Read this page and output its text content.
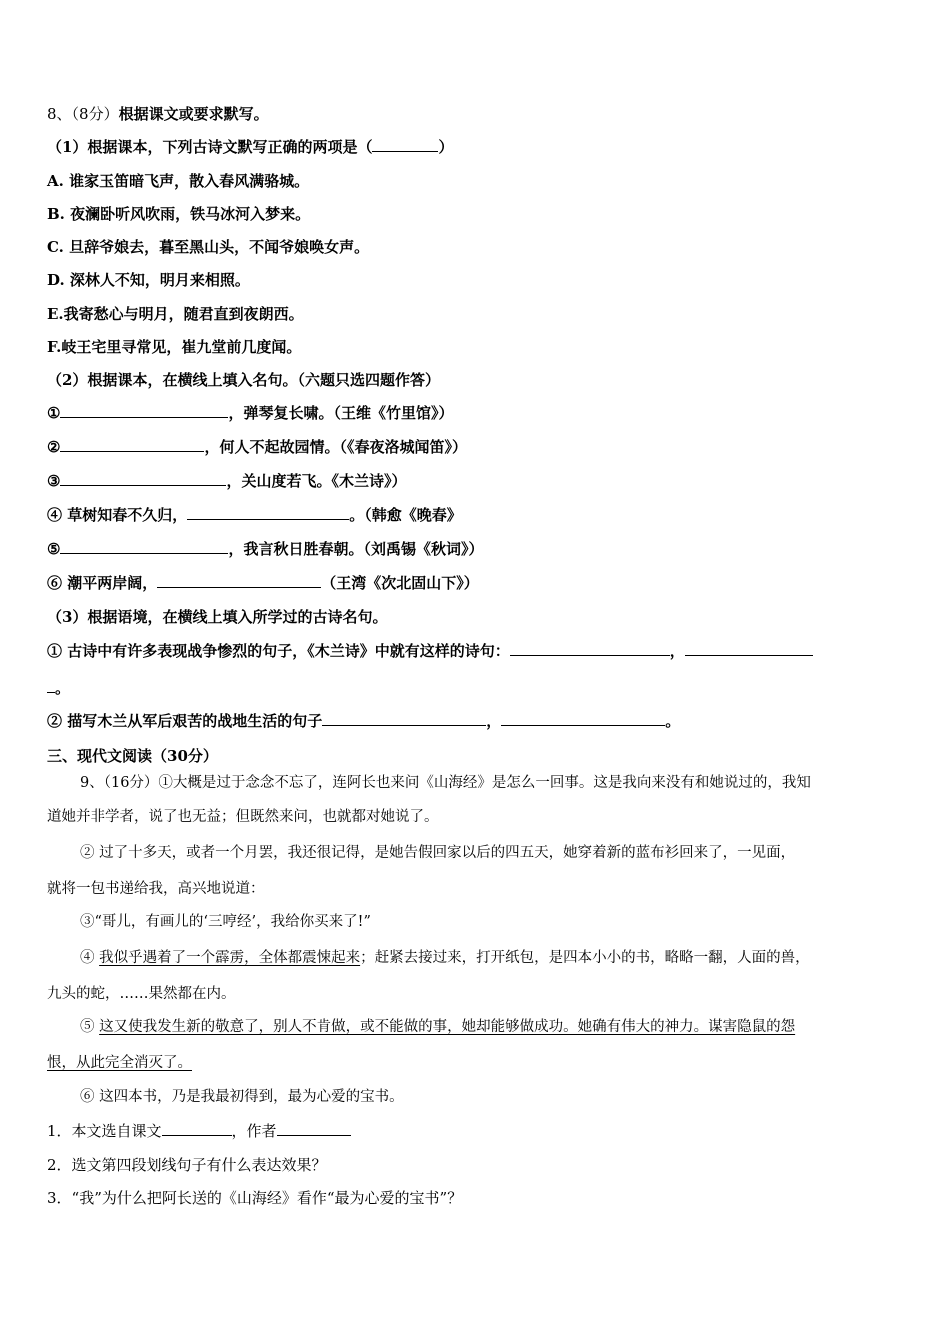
8、（8分）根据课文或要求默写。
（1）根据课本，下列古诗文默写正确的两项是（	）
A. 谁家玉笛暗飞声，散入春风满骆城。
B. 夜澜卧听风吹雨，铁马冰河入梦来。
C. 旦辞爷娘去，暮至黑山头，不闻爷娘唤女声。
D. 深林人不知，明月来相照。
E.我寄愁心与明月，随君直到夜朗西。
F.岐王宅里寻常见，崔九堂前几度闻。
（2）根据课本，在横线上填入名句。（六题只选四题作答）
①	，弹琴复长啸。（王维《竹里馆》）
②	，何人不起故园情。（《春夜洛城闻笛》）
③	，关山度若飞。《木兰诗》）
④ 草树知春不久归，	。（韩愈《晚春》
⑤	，我言秋日胜春朝。（刘禹锡《秋词》）
⑥ 潮平两岸阔，	（王湾《次北固山下》）
（3）根据语境，在横线上填入所学过的古诗名句。
① 古诗中有许多表现战争惨烈的句子，《木兰诗》中就有这样的诗句：	，
。
② 描写木兰从军后艰苦的战地生活的句子	，	。
三、现代文阅读（30分）
9、（16分）①大概是过于念念不忘了，连阿长也来问《山海经》是怎么一回事。这是我向来没有和她说过的，我知
道她并非学者，说了也无益；但既然来问，也就都对她说了。
② 过了十多天，或者一个月罢，我还很记得，是她告假回家以后的四五天，她穿着新的蓝布衫回来了，一见面，
就将一包书递给我，高兴地说道：
③“哥儿，有画儿的‘三哼经’，我给你买来了!”
④ 我似乎遇着了一个霹雳，全体都震悚起来；赶紧去接过来，打开纸包，是四本小小的书，略略一翻，人面的兽，
九头的蛇，……果然都在内。
⑤ 这又使我发生新的敬意了，别人不肯做，或不能做的事，她却能够做成功。她确有伟大的神力。谋害隐鼠的怨
恨，从此完全消灭了。
⑥ 这四本书，乃是我最初得到，最为心爱的宝书。
1．本文选自课文	，作者
2．选文第四段划线句子有什么表达效果？
3．“我”为什么把阿长送的《山海经》看作“最为心爱的宝书”？
